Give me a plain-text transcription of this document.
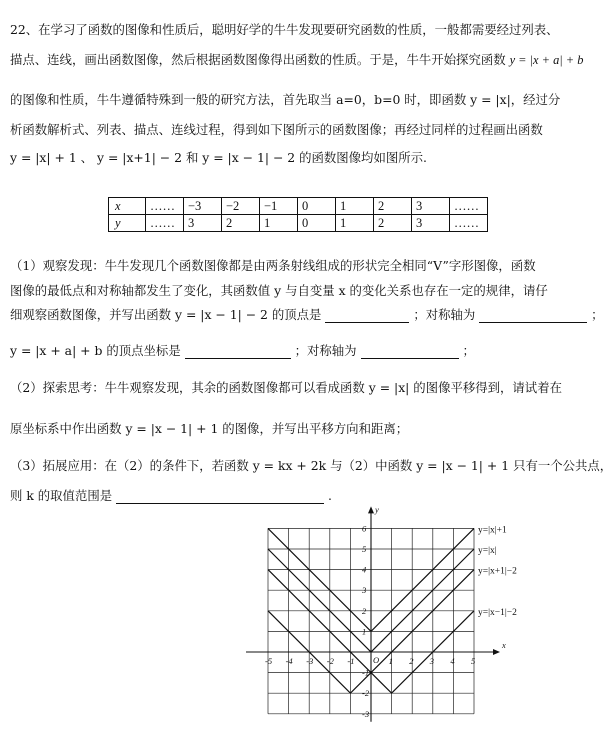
22、在学习了函数的图像和性质后，聪明好学的牛牛发现要研究函数的性质，一般都需要经过列表、
描点、连线，画出函数图像，然后根据函数图像得出函数的性质。于是，牛牛开始探究函数 y = |x + a| + b
的图像和性质，牛牛遵循特殊到一般的研究方法，首先取当 a=0，b=0 时，即函数 y = |x|，经过分
析函数解析式、列表、描点、连线过程，得到如下图所示的函数图像；再经过同样的过程画出函数
y = |x| + 1 、 y = |x+1| − 2 和 y = |x − 1| − 2 的函数图像均如图所示.
x	……	−3	−2	−1	0	1	2	3	……
y	……	3	2	1	0	1	2	3	……
（1）观察发现：牛牛发现几个函数图像都是由两条射线组成的形状完全相同“V”字形图像，函数
图像的最低点和对称轴都发生了变化，其函数值 y 与自变量 x 的变化关系也存在一定的规律，请仔
细观察函数图像，并写出函数 y = |x − 1| − 2 的顶点是	；对称轴为	；
y = |x + a| + b 的顶点坐标是	；对称轴为	；
（2）探索思考：牛牛观察发现，其余的函数图像都可以看成函数 y = |x| 的图像平移得到，请试着在
原坐标系中作出函数 y = |x − 1| + 1 的图像，并写出平移方向和距离；
（3）拓展应用：在（2）的条件下，若函数 y = kx + 2k 与（2）中函数 y = |x − 1| + 1 只有一个公共点，
则 k 的取值范围是	.
x
y
O
-5 -4 -3 -2 -1	1 2 3 4 5
6
5
4
3
2
1
-1
-2
-3
y=|x|+1
y=|x|
y=|x+1|−2
y=|x−1|−2
